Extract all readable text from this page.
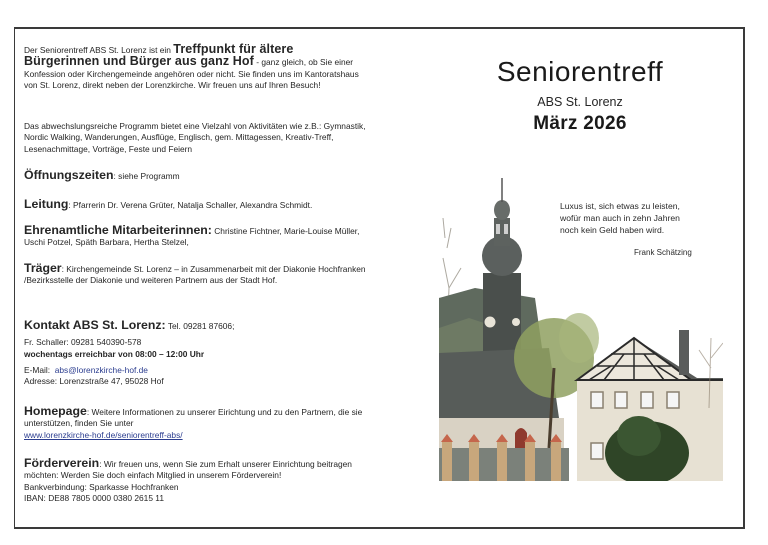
Der Seniorentreff ABS St. Lorenz ist ein Treffpunkt für ältere
Bürgerinnen und Bürger aus ganz Hof - ganz gleich, ob Sie einer Konfession oder Kirchengemeinde angehören oder nicht. Sie finden uns im Kantoratshaus von St. Lorenz, direkt neben der Lorenzkirche. Wir freuen uns auf Ihren Besuch!

Das abwechslungsreiche Programm bietet eine Vielzahl von Aktivitäten wie z.B.: Gymnastik, Nordic Walking, Wanderungen, Ausflüge, Englisch, gem. Mittagessen, Kreativ-Treff, Lesenachmittage, Vorträge, Feste und Feiern

Öffnungszeiten: siehe Programm

Leitung: Pfarrerin Dr. Verena Grüter, Natalja Schaller, Alexandra Schmidt.

Ehrenamtliche Mitarbeiterinnen: Christine Fichtner, Marie-Louise Müller, Uschi Potzel, Späth Barbara, Hertha Stelzel,

Träger: Kirchengemeinde St. Lorenz – in Zusammenarbeit mit der Diakonie Hochfranken /Bezirksstelle der Diakonie und weiteren Partnern aus der Stadt Hof.

Kontakt ABS St. Lorenz: Tel. 09281 87606;

Fr. Schaller: 09281 540390-578

wochentags erreichbar von 08:00 – 12:00 Uhr

E-Mail:  abs@lorenzkirche-hof.de

Adresse: Lorenzstraße 47, 95028 Hof

Homepage: Weitere Informationen zu unserer Eirichtung und zu den Partnern, die sie unterstützen, finden Sie unter

www.lorenzkirche-hof.de/seniorentreff-abs/

Förderverein: Wir freuen uns, wenn Sie zum Erhalt unserer Einrichtung beitragen möchten: Werden Sie doch einfach Mitglied in unserem Förderverein!

Bankverbindung: Sparkasse Hochfranken

IBAN: DE88 7805 0000 0380 2615 11

Seniorentreff
ABS St. Lorenz
März 2026
Luxus ist, sich etwas zu leisten,
wofür man auch in zehn Jahren
noch kein Geld haben wird.
Frank Schätzing
